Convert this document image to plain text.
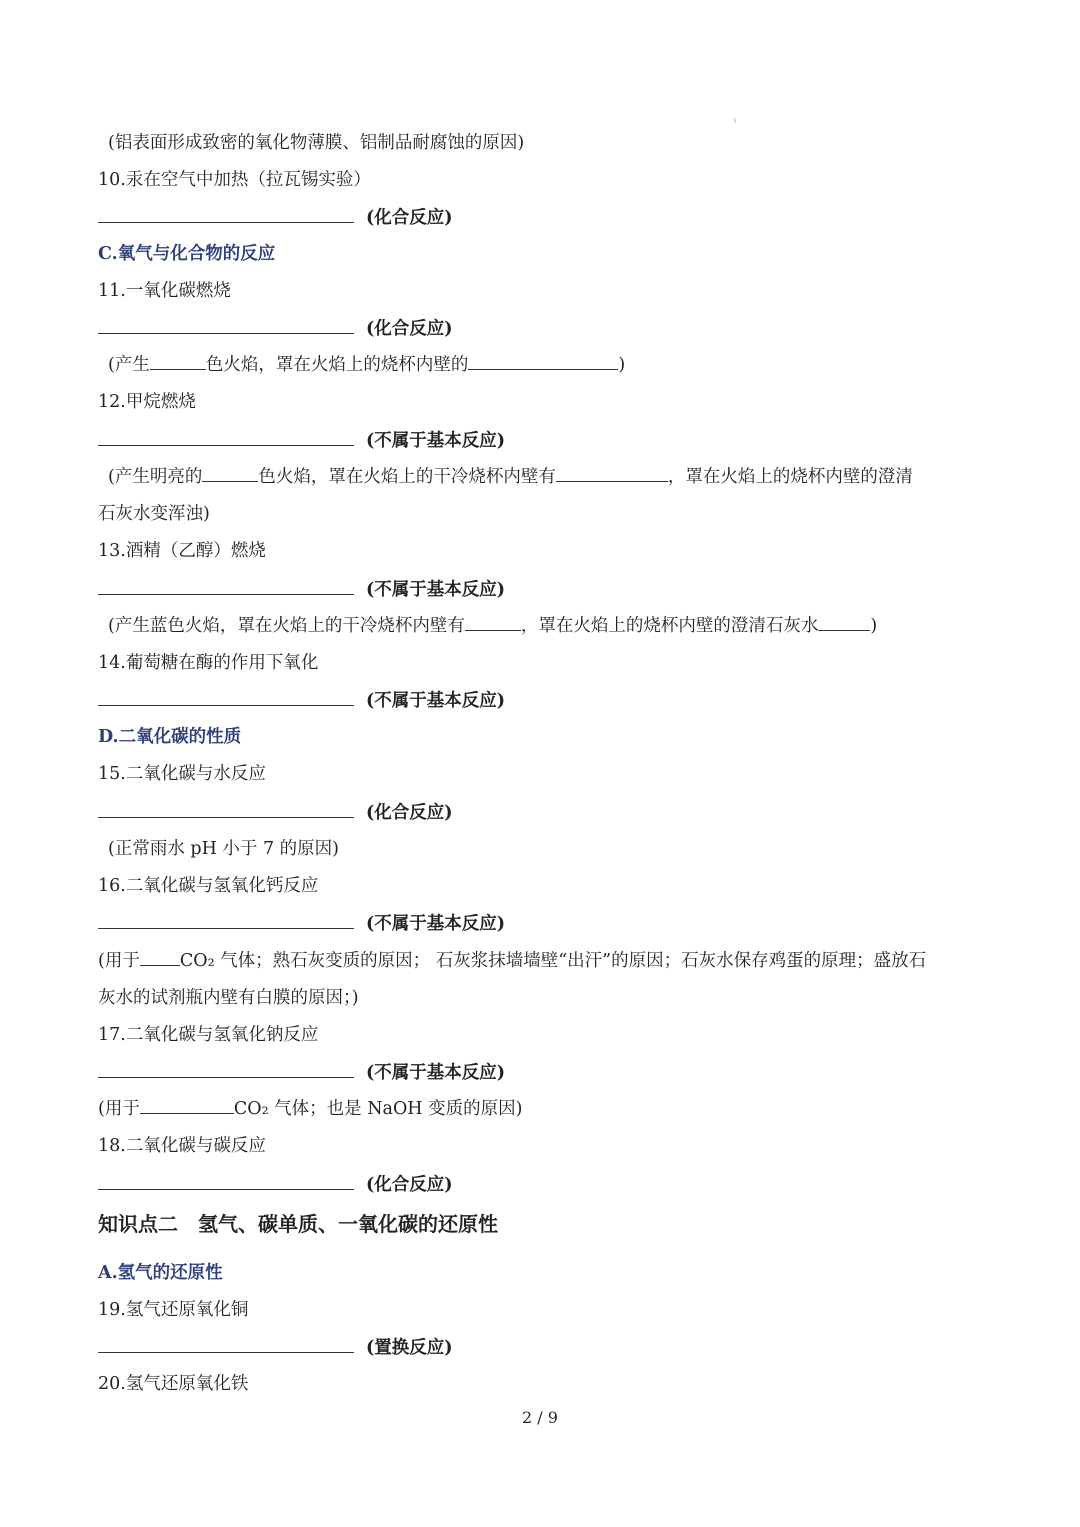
(铝表面形成致密的氧化物薄膜、铝制品耐腐蚀的原因)

10.汞在空气中加热（拉瓦锡实验）

(化合反应)

C.氧气与化合物的反应

11.一氧化碳燃烧

(化合反应)

(产生	色火焰，罩在火焰上的烧杯内壁的	)

12.甲烷燃烧

(不属于基本反应)

(产生明亮的	色火焰，罩在火焰上的干冷烧杯内壁有	，罩在火焰上的烧杯内壁的澄清

石灰水变浑浊)

13.酒精（乙醇）燃烧

(不属于基本反应)

(产生蓝色火焰，罩在火焰上的干冷烧杯内壁有	，罩在火焰上的烧杯内壁的澄清石灰水	)

14.葡萄糖在酶的作用下氧化

(不属于基本反应)

D.二氧化碳的性质

15.二氧化碳与水反应

(化合反应)

(正常雨水 pH 小于 7 的原因)

16.二氧化碳与氢氧化钙反应

(不属于基本反应)

(用于 CO₂ 气体；熟石灰变质的原因； 石灰浆抹墙墙壁“出汗”的原因；石灰水保存鸡蛋的原理；盛放石

灰水的试剂瓶内壁有白膜的原因；)

17.二氧化碳与氢氧化钠反应

(不属于基本反应)

(用于	CO₂ 气体；也是 NaOH 变质的原因)

18.二氧化碳与碳反应

(化合反应)

知识点二　氢气、碳单质、一氧化碳的还原性

A.氢气的还原性

19.氢气还原氧化铜

(置换反应)

20.氢气还原氧化铁

2 / 9
